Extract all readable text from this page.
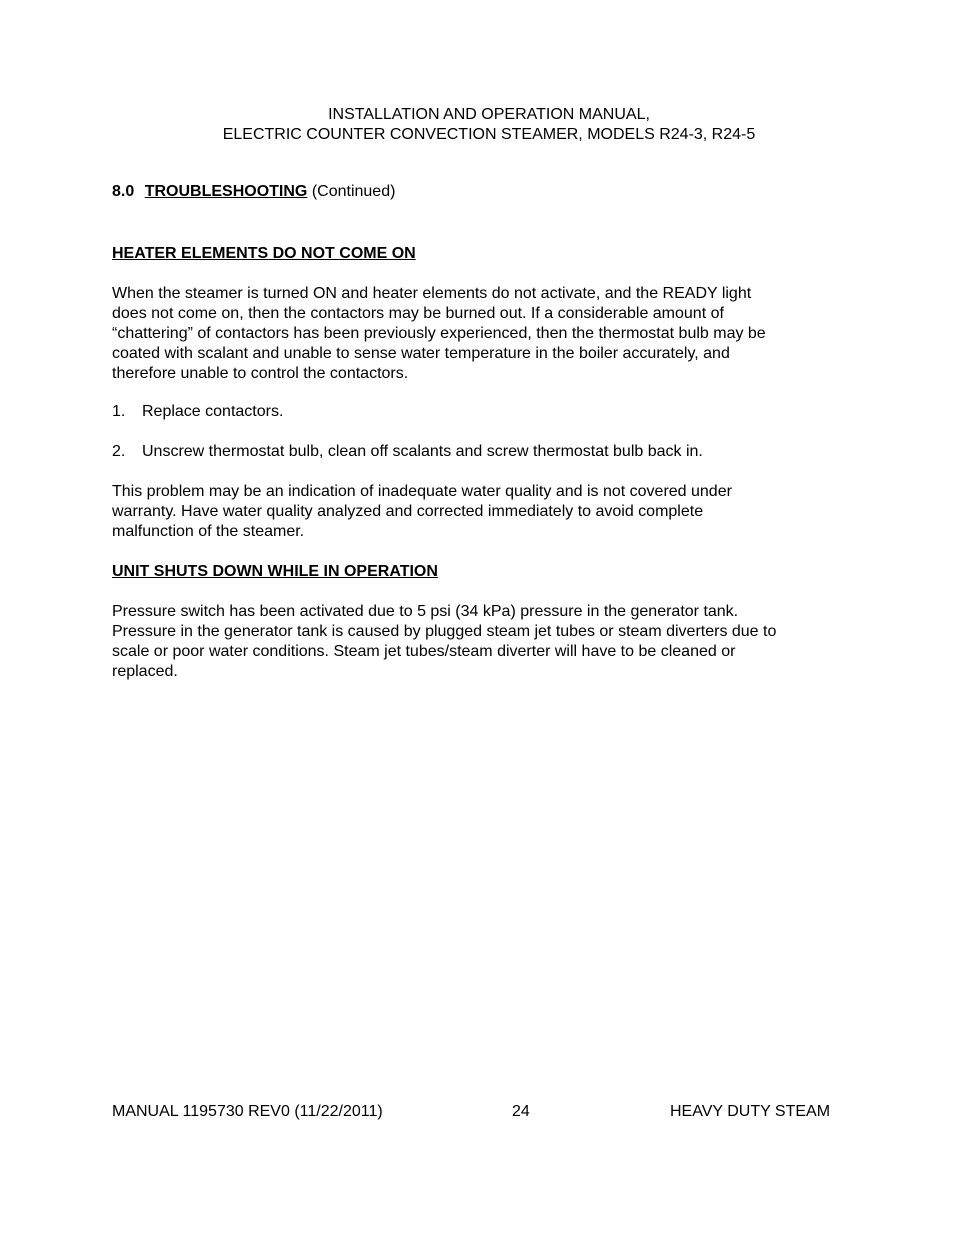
INSTALLATION AND OPERATION MANUAL,
ELECTRIC COUNTER CONVECTION STEAMER, MODELS R24-3, R24-5
8.0 TROUBLESHOOTING (Continued)
HEATER ELEMENTS DO NOT COME ON
When the steamer is turned ON and heater elements do not activate, and the READY light
does not come on, then the contactors may be burned out. If a considerable amount of
“chattering” of contactors has been previously experienced, then the thermostat bulb may be
coated with scalant and unable to sense water temperature in the boiler accurately, and
therefore unable to control the contactors.
1. Replace contactors.
2. Unscrew thermostat bulb, clean off scalants and screw thermostat bulb back in.
This problem may be an indication of inadequate water quality and is not covered under
warranty. Have water quality analyzed and corrected immediately to avoid complete
malfunction of the steamer.
UNIT SHUTS DOWN WHILE IN OPERATION
Pressure switch has been activated due to 5 psi (34 kPa) pressure in the generator tank.
Pressure in the generator tank is caused by plugged steam jet tubes or steam diverters due to
scale or poor water conditions. Steam jet tubes/steam diverter will have to be cleaned or
replaced.
MANUAL 1195730 REV0 (11/22/2011)	24	HEAVY DUTY STEAM
